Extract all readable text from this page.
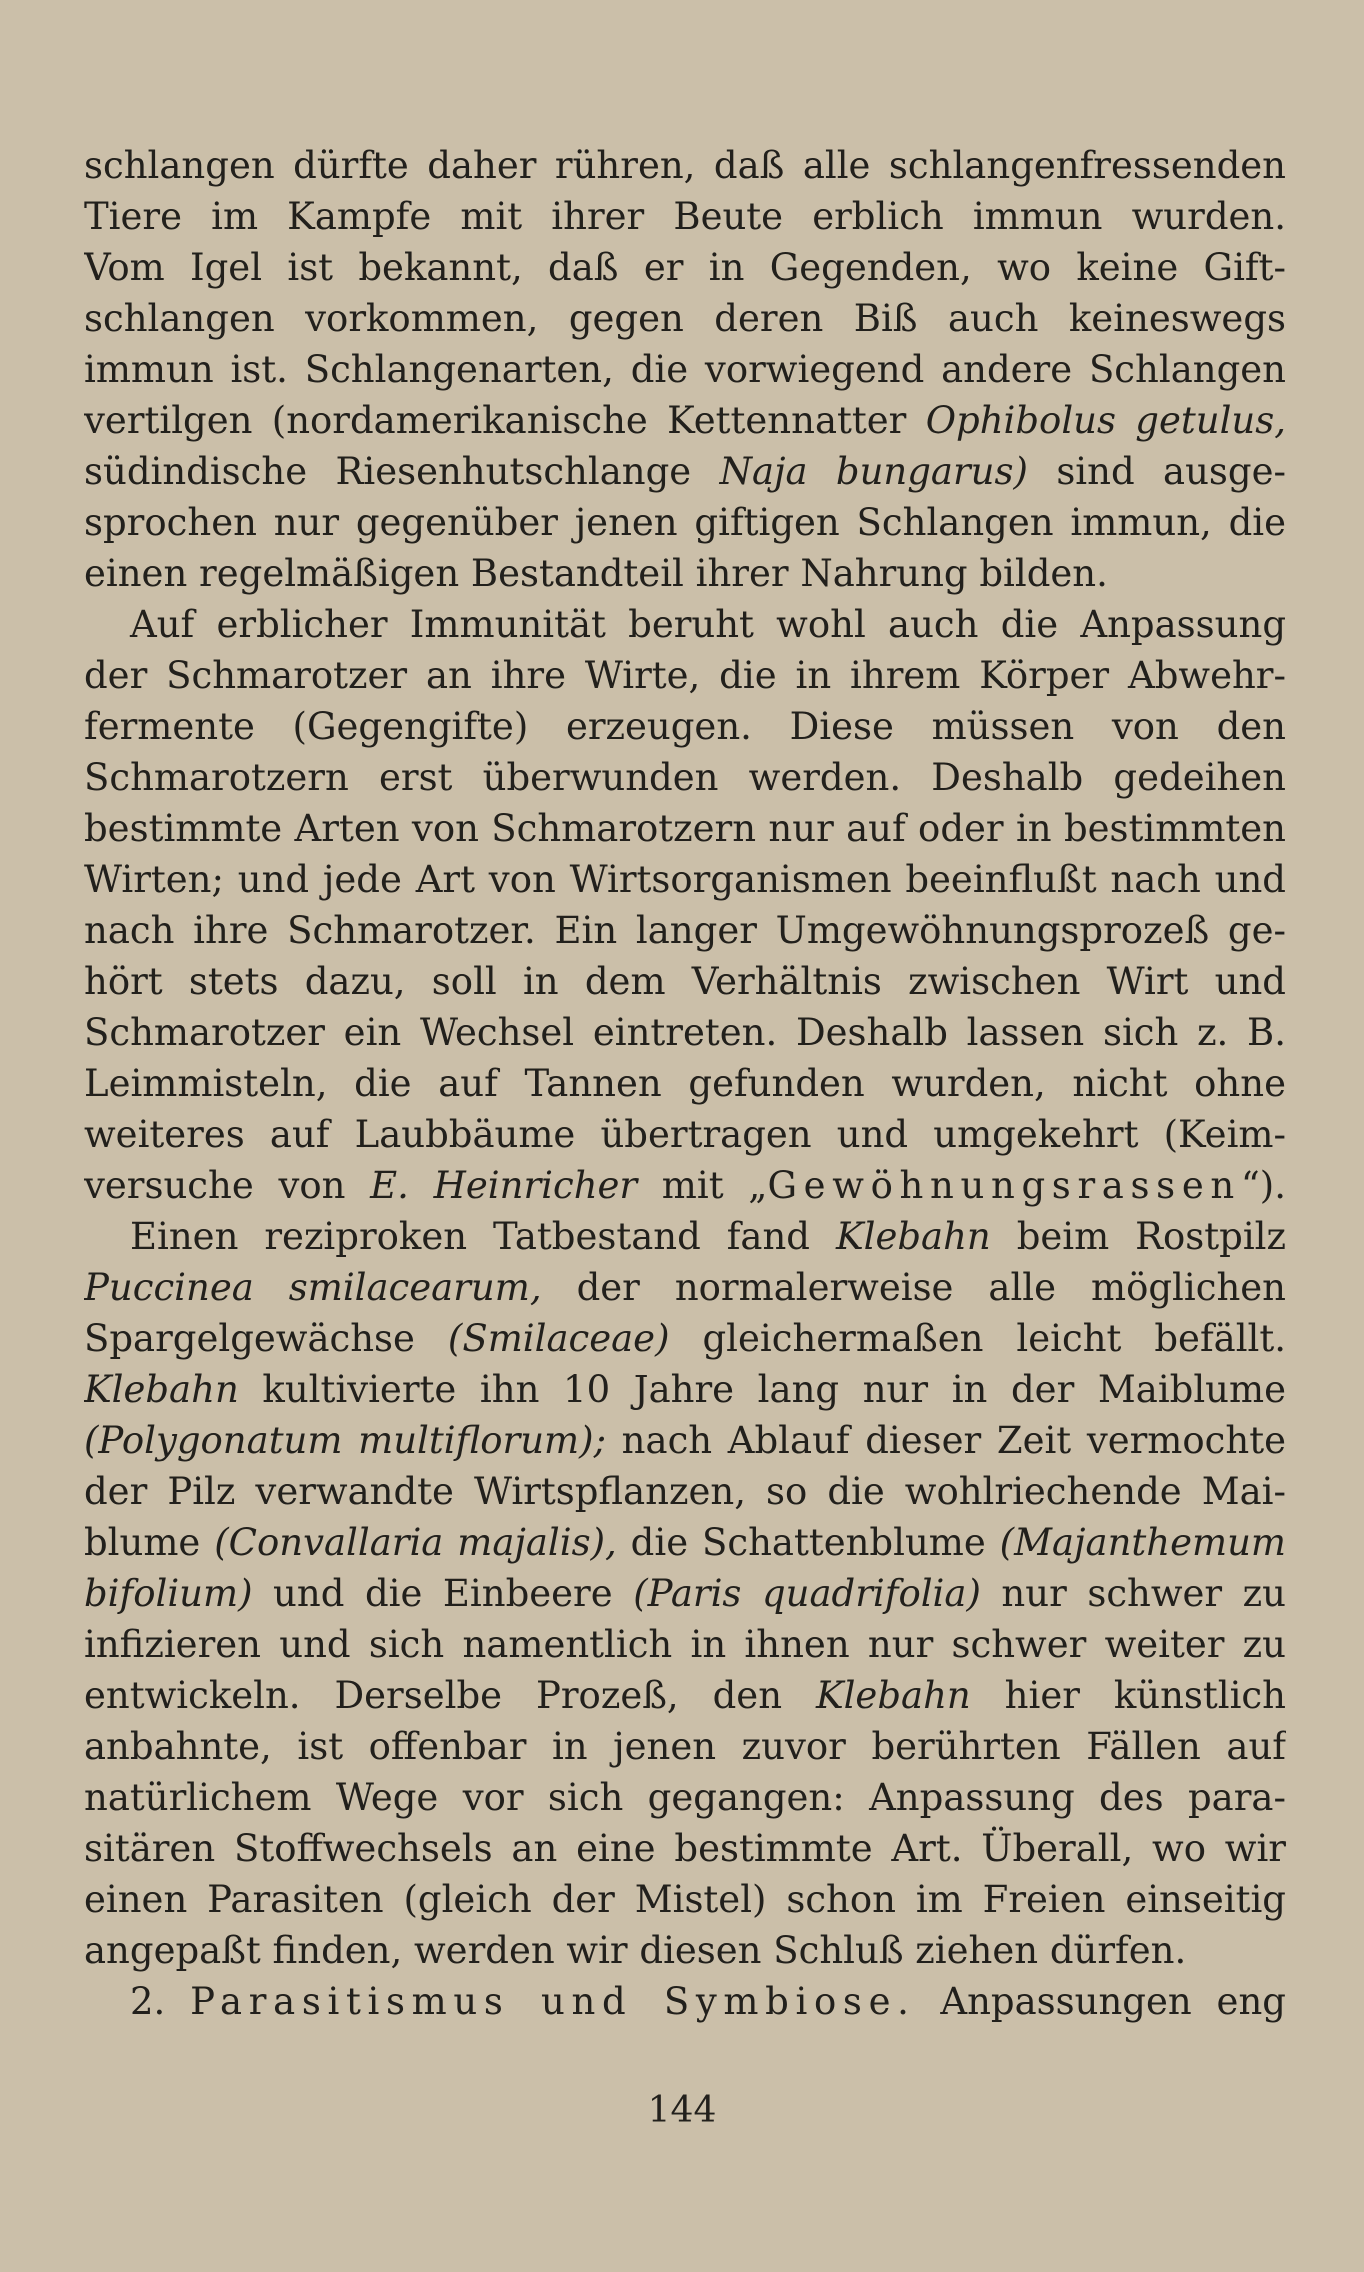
schlangen dürfte daher rühren, daß alle schlangenfressenden
Tiere im Kampfe mit ihrer Beute erblich immun wurden.
Vom Igel ist bekannt, daß er in Gegenden, wo keine Gift-
schlangen vorkommen, gegen deren Biß auch keineswegs
immun ist. Schlangenarten, die vorwiegend andere Schlangen
vertilgen (nordamerikanische Kettennatter Ophibolus getulus,
südindische Riesenhutschlange Naja bungarus) sind ausge-
sprochen nur gegenüber jenen giftigen Schlangen immun, die
einen regelmäßigen Bestandteil ihrer Nahrung bilden.
Auf erblicher Immunität beruht wohl auch die Anpassung
der Schmarotzer an ihre Wirte, die in ihrem Körper Abwehr-
fermente (Gegengifte) erzeugen. Diese müssen von den
Schmarotzern erst überwunden werden. Deshalb gedeihen
bestimmte Arten von Schmarotzern nur auf oder in bestimmten
Wirten; und jede Art von Wirtsorganismen beeinflußt nach und
nach ihre Schmarotzer. Ein langer Umgewöhnungsprozeß ge-
hört stets dazu, soll in dem Verhältnis zwischen Wirt und
Schmarotzer ein Wechsel eintreten. Deshalb lassen sich z. B.
Leimmisteln, die auf Tannen gefunden wurden, nicht ohne
weiteres auf Laubbäume übertragen und umgekehrt (Keim-
versuche von E. Heinricher mit „Gewöhnungsrassen“).
Einen reziproken Tatbestand fand Klebahn beim Rostpilz
Puccinea smilacearum, der normalerweise alle möglichen
Spargelgewächse (Smilaceae) gleichermaßen leicht befällt.
Klebahn kultivierte ihn 10 Jahre lang nur in der Maiblume
(Polygonatum multiflorum); nach Ablauf dieser Zeit vermochte
der Pilz verwandte Wirtspflanzen, so die wohlriechende Mai-
blume (Convallaria majalis), die Schattenblume (Majanthemum
bifolium) und die Einbeere (Paris quadrifolia) nur schwer zu
infizieren und sich namentlich in ihnen nur schwer weiter zu
entwickeln. Derselbe Prozeß, den Klebahn hier künstlich
anbahnte, ist offenbar in jenen zuvor berührten Fällen auf
natürlichem Wege vor sich gegangen: Anpassung des para-
sitären Stoffwechsels an eine bestimmte Art. Überall, wo wir
einen Parasiten (gleich der Mistel) schon im Freien einseitig
angepaßt finden, werden wir diesen Schluß ziehen dürfen.
2. Parasitismus und Symbiose. Anpassungen eng
144
